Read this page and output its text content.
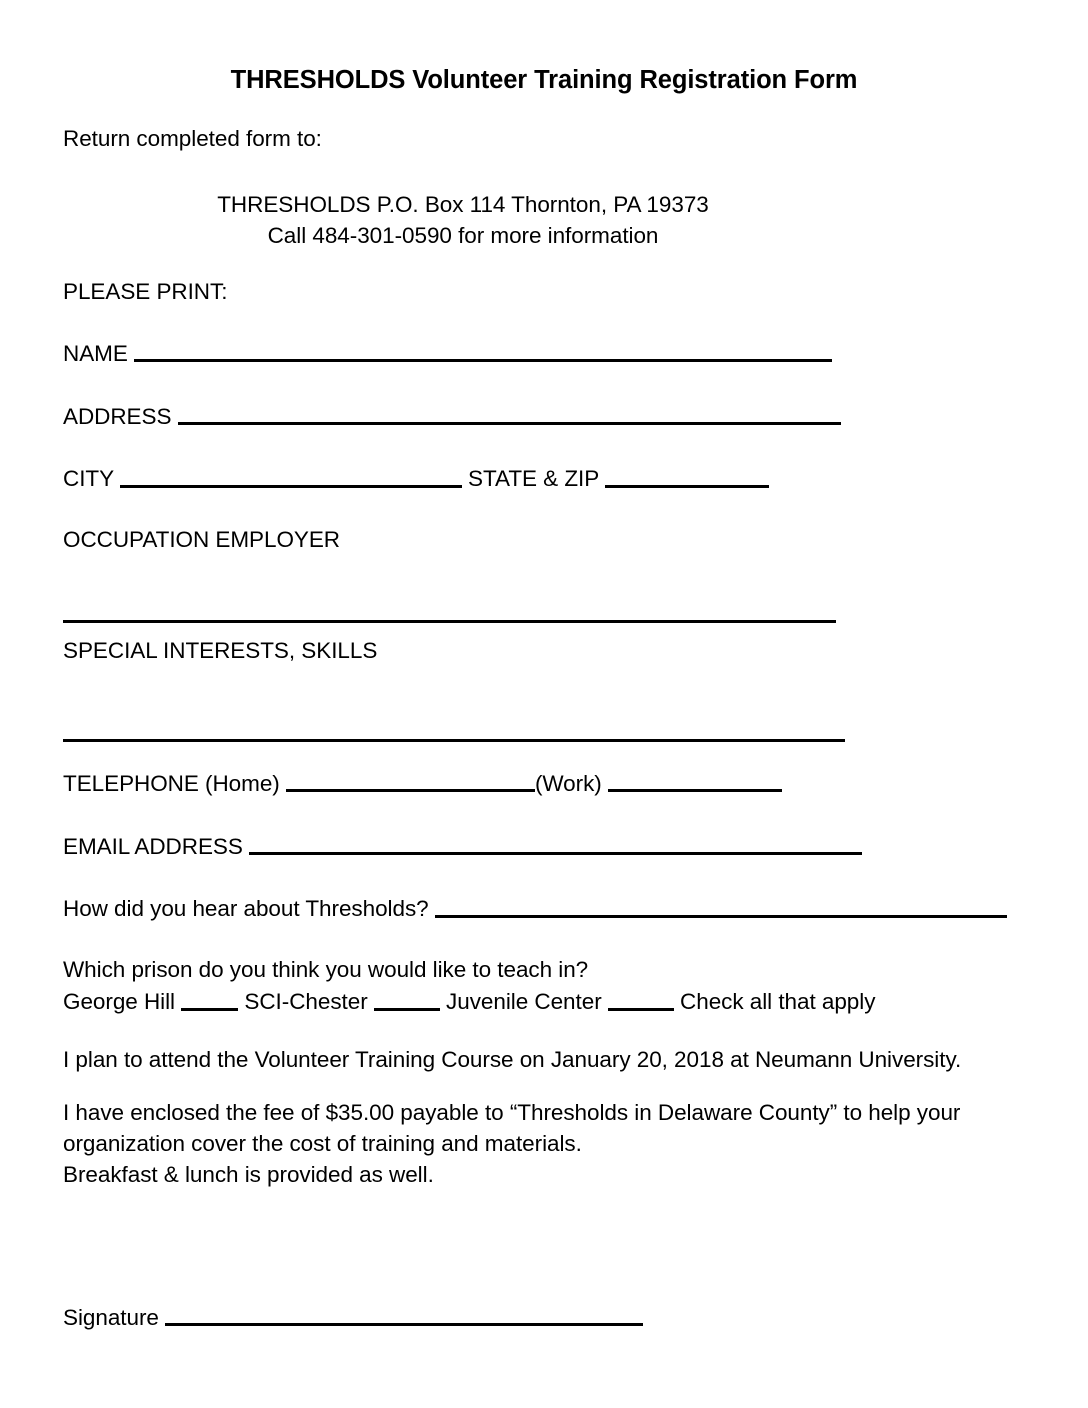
THRESHOLDS Volunteer Training Registration Form
Return completed form to:
THRESHOLDS P.O. Box 114 Thornton, PA 19373
Call 484-301-0590 for more information
PLEASE PRINT:
NAME
ADDRESS
CITY	STATE & ZIP
OCCUPATION EMPLOYER
SPECIAL INTERESTS, SKILLS
TELEPHONE (Home)	(Work)
EMAIL ADDRESS
How did you hear about Thresholds?
Which prison do you think you would like to teach in?
George Hill	SCI-Chester	Juvenile Center	Check all that apply
I plan to attend the Volunteer Training Course on January 20, 2018 at Neumann University.
I have enclosed the fee of $35.00 payable to “Thresholds in Delaware County” to help your organization cover the cost of training and materials.
Breakfast & lunch is provided as well.
Signature
